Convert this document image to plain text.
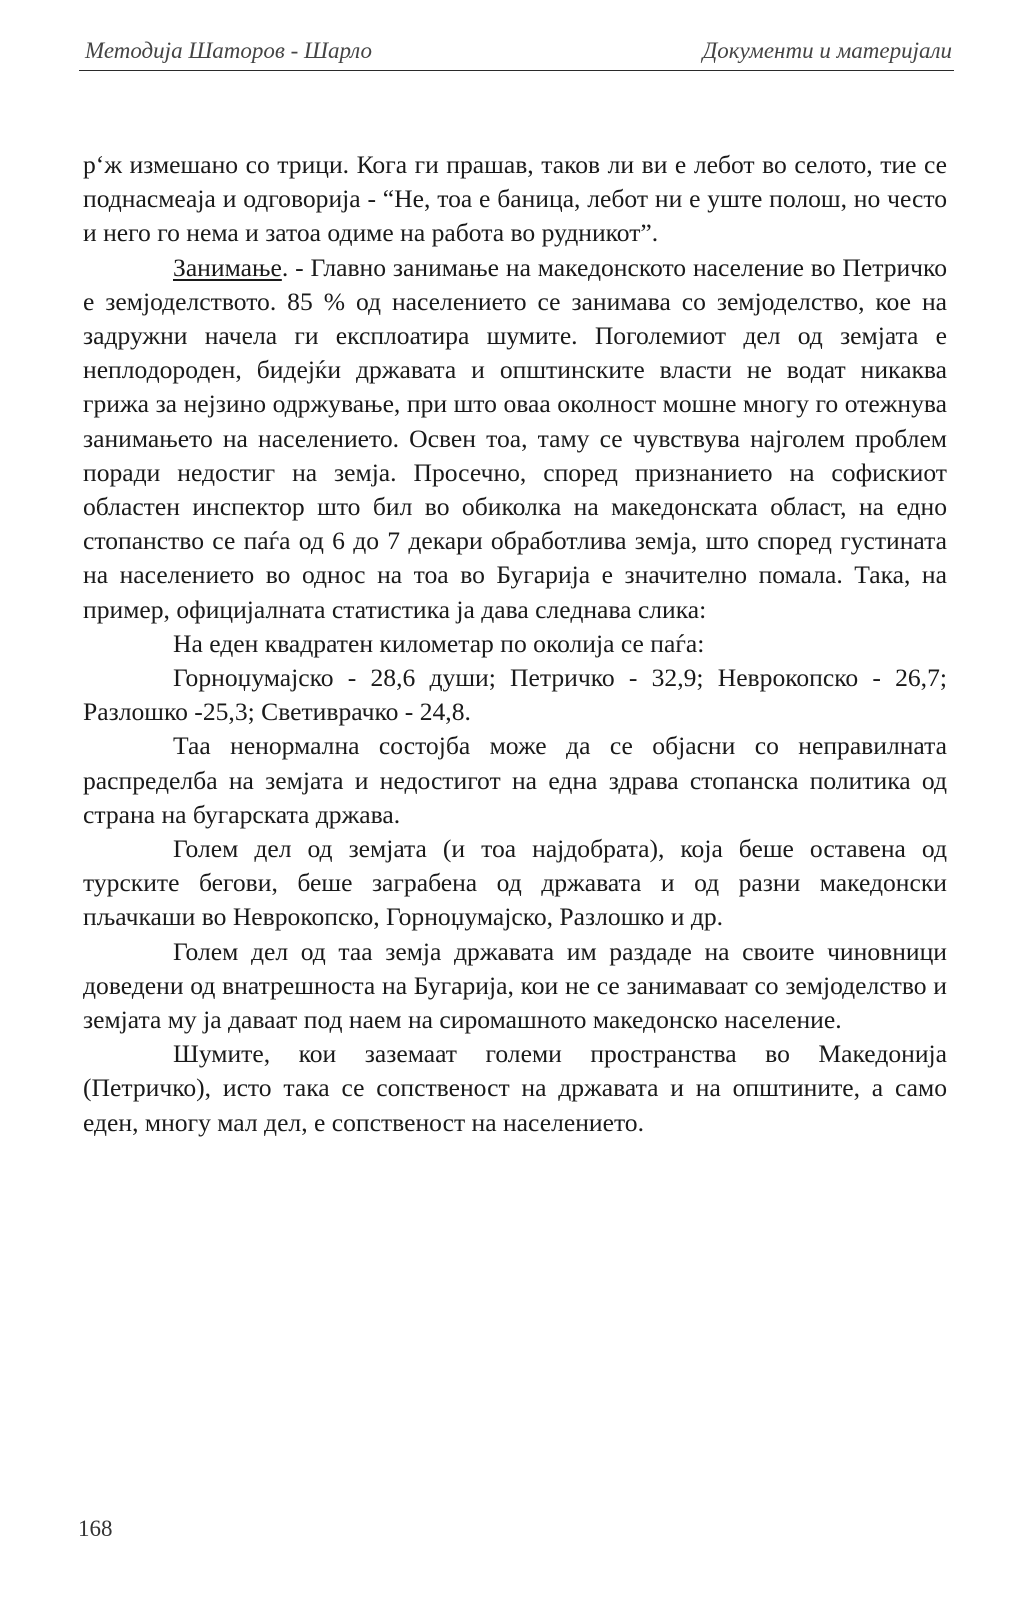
Методија Шаторов - Шарло	Документи и материјали

р‘ж измешано со трици. Кога ги прашав, таков ли ви е лебот во селото, тие се поднасмеаја и одговорија - “Не, тоа е баница, лебот ни е уште полош, но често и него го нема и затоа одиме на работа во рудникот”.

Занимање. - Главно занимање на македонското население во Петричко е земјоделството. 85 % од населението се занимава со земјоделство, кое на задружни начела ги експлоатира шумите. Поголемиот дел од земјата е неплодороден, бидејќи државата и општинските власти не водат никаква грижа за нејзино одржување, при што оваа околност мошне многу го отежнува занимањето на населението. Освен тоа, таму се чувствува најголем проблем поради недостиг на земја. Просечно, според признанието на софискиот областен инспектор што бил во обиколка на македонската област, на едно стопанство се паѓа од 6 до 7 декари обработлива земја, што според густината на населението во однос на тоа во Бугарија е значително помала. Така, на пример, официјалната статистика ја дава следнава слика:

На еден квадратен километар по околија се паѓа:

Горноџумајско - 28,6 души; Петричко - 32,9; Неврокопско - 26,7; Разлошко -25,3; Светиврачко - 24,8.

Таа ненормална состојба може да се објасни со неправилната распределба на земјата и недостигот на една здрава стопанска политика од страна на бугарската држава.

Голем дел од земјата (и тоа најдобрата), која беше оставена од турските бегови, беше заграбена од државата и од разни македонски пљачкаши во Неврокопско, Горноџумајско, Разлошко и др.

Голем дел од таа земја државата им раздаде на своите чиновници доведени од внатрешноста на Бугарија, кои не се занимаваат со земјоделство и земјата му ја даваат под наем на сиромашното македонско население.

Шумите, кои заземаат големи пространства во Македонија (Петричко), исто така се сопственост на државата и на општините, а само еден, многу мал дел, е сопственост на населението.

168
